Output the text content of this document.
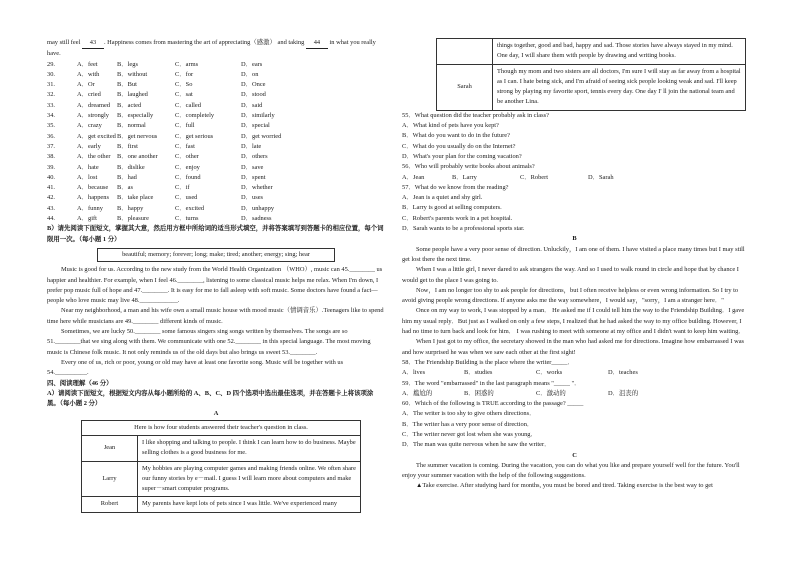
may still feel 43 . Happiness comes from mastering the art of appreciating（感激） and taking 44 in what you really have.

29.	A．feet	B．legs	C．arms	D．ears
30.	A．with	B．without	C．for	D．on
31.	A．Or	B．But	C．So	D．Once
32.	A．cried	B．laughed	C．sat	D．stood
33.	A．dreamed	B．acted	C．called	D．said
34.	A．strongly	B．especially	C．completely	D．similarly
35.	A．crazy	B．normal	C．full	D．special
36.	A．get excited B．get nervous	C．get serious	D．get worried
37.	A．early	B．first	C．fast	D．late
38.	A．the other	B．one another	C．other	D．others
39.	A．hate	B．dislike	C．enjoy	D．save
40.	A．lost	B．had	C．found	D．spent
41.	A．because	B．as	C．if	D．whether
42.	A．happens	B．take place	C．used	D．uses
43.	A．funny	B．happy	C．excited	D．unhappy
44.	A．gift	B．pleasure	C．turns	D．sadness

B）请先阅读下面短文，掌握其大意，然后用方框中所给词的适当形式填空，并将答案填写到答题卡的相应位置，每个词限用一次。（每小题 1 分）

beautiful; memory; forever; long; make; tired; another; energy; sing; hear

Music is good for us. According to the new study from the World Health Organization （WHO）, music can 45.________ us happier and healthier. For example, when I feel 46.________, listening to some classical music helps me relax. When I'm down, I prefer pop music full of hope and 47.________. It is easy for me to fall asleep with soft music. Some doctors have found a fact—people who love music may live 48.____________.

Near my neighborhood, a man and his wife own a small music house with mood music（情调音乐）.Teenagers like to spend time here while musicians are 49.________ different kinds of music.

Sometimes, we are lucky 50.________ some famous singers sing songs written by themselves. The songs are so 51.________that we sing along with them. We communicate with one 52.________ in this special language. The most moving music is Chinese folk music. It not only reminds us of the old days but also brings us sweet 53.________.

Every one of us, rich or poor, young or old may have at least one favorite song. Music will be together with us 54.__________.

四、阅读理解（46 分）

A）请阅读下面短文，根据短文内容从每小题所给的 A、B、C、D 四个选项中选出最佳选项，并在答题卡上将该项涂黑。（每小题 2 分）

A

Here is how four students answered their teacher's question in class.	
Jean	I like shopping and talking to people. I think I can learn how to do business. Maybe selling clothes is a good business for me.
Larry	My hobbies are playing computer games and making friends online. We often share our funny stories by e－mail. I guess I will learn more about computers and make super－smart computer programs.
Robert	My parents have kept lots of pets since I was little. We've experienced many
	things together, good and bad, happy and sad. Those stories have always stayed in my mind. One day, I will share them with people by drawing and writing books.
Sarah	Though my mom and two sisters are all doctors, I'm sure I will stay as far away from a hospital as I can. I hate being sick, and I'm afraid of seeing sick people looking weak and sad. I'll keep strong by playing my favorite sport, tennis every day. One day I' ll join the national team and be another Lina.

55．What question did the teacher probably ask in class?

A．What kind of pets have you kept?

B．What do you want to do in the future?

C．What do you usually do on the Internet?

D．What's your plan for the coming vacation?

56．Who will probably write books about animals?

A．Jean	B．Larry	C．Robert	D．Sarah

57．What do we know from the reading?

A．Jean is a quiet and shy girl.

B．Larry is good at selling computers.

C．Robert's parents work in a pet hospital.

D．Sarah wants to be a professional sports star.

B

Some people have a very poor sense of direction. Unluckily，I am one of them. I have visited a place many times but I may still get lost there the next time.

When I was a little girl, I never dared to ask strangers the way. And so I used to walk round in circle and hope that by chance I would get to the place I was going to.

Now，I am no longer too shy to ask people for directions，but I often receive helpless or even wrong information. So I try to avoid giving people wrong directions. If anyone asks me the way somewhere，I would say，"sorry，I am a stranger here．"

Once on my way to work, I was stopped by a man． He asked me if I could tell him the way to the Friendship Building．I gave him my usual reply．But just as I walked on only a few steps, I realized that he had asked the way to my office building. However, I had no time to turn back and look for him． I was rushing to meet with someone at my office and I didn't want to keep him waiting．

When I just got to my office, the secretary showed in the man who had asked me for directions. Imagine how embarrassed I was and how surprised he was when we saw each other at the first sight!

58．The Friendship Building is the place where the writer_____．

A．lives	B．studies	C．works	D．teaches

59．The word "embarrassed" in the last paragraph means "_____ "．

A．尴尬的	B．困惑的	C．激动的	D．沮丧的

60．Which of the following is TRUE according to the passage? _____

A．The writer is too shy to give others directions．

B．The writer has a very poor sense of direction．

C．The writer never got lost when she was young．

D．The man was quite nervous when he saw the writer．

C

The summer vacation is coming. During the vacation, you can do what you like and prepare yourself well for the future. You'll enjoy your summer vacation with the help of the following suggestions.

▲Take exercise. After studying hard for months, you must be bored and tired. Taking exercise is the best way to get
